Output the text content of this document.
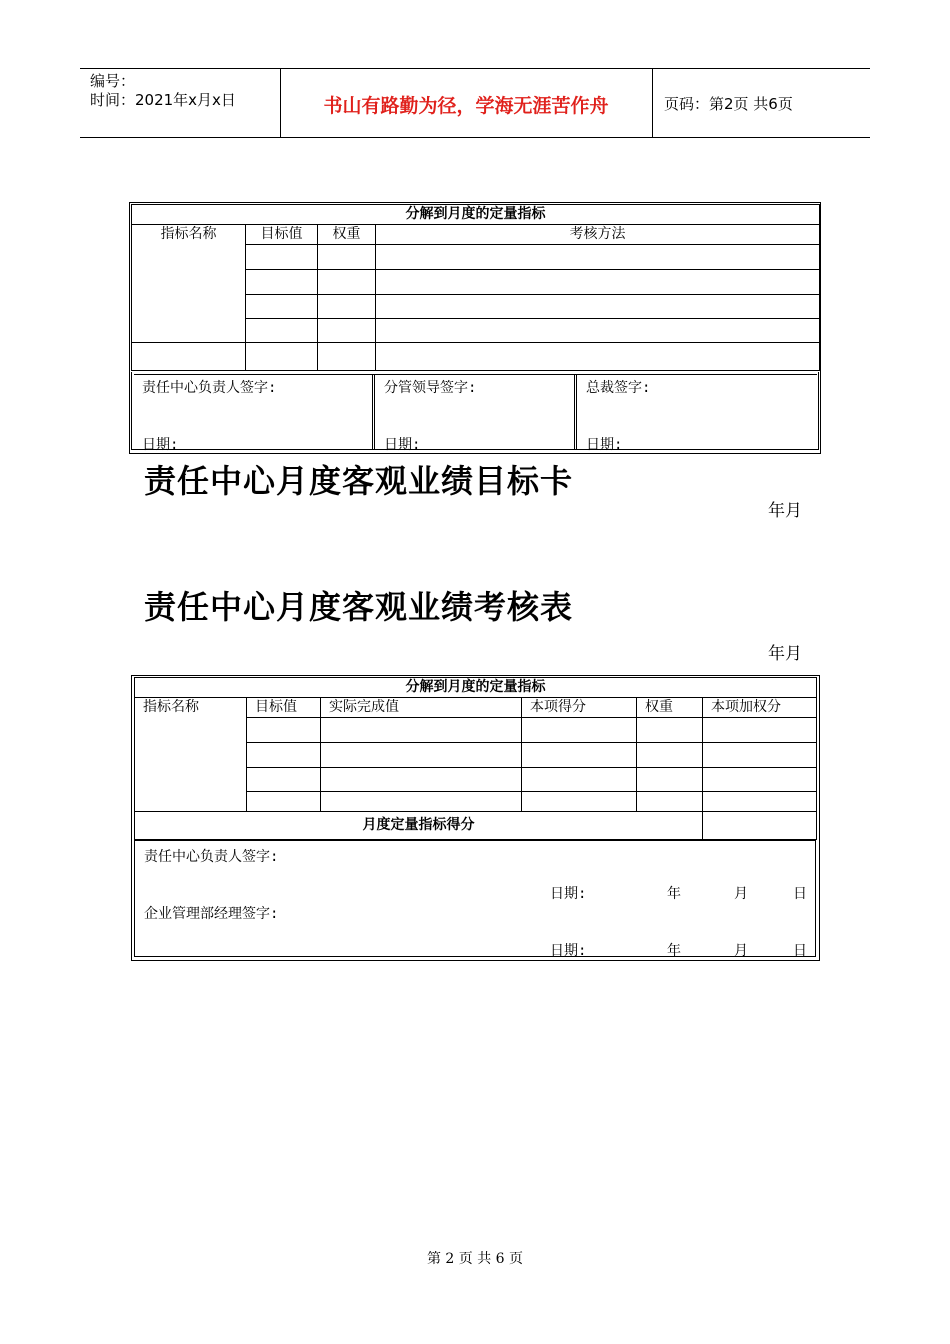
编号：
时间：2021年x月x日	书山有路勤为径，学海无涯苦作舟	页码：第2页 共6页
分解到月度的定量指标			
指标名称	目标值	权重	考核方法

责任中心负责人签字:	分管领导签字:	总裁签字:
日期:	日期:	日期:
责任中心月度客观业绩目标卡
年月
责任中心月度客观业绩考核表
年月
分解到月度的定量指标					
指标名称	目标值	实际完成值	本项得分	权重	本项加权分

月度定量指标得分					
责任中心负责人签字:
日期:	年	月	日
企业管理部经理签字:
日期:	年	月	日
第 2 页 共 6 页
